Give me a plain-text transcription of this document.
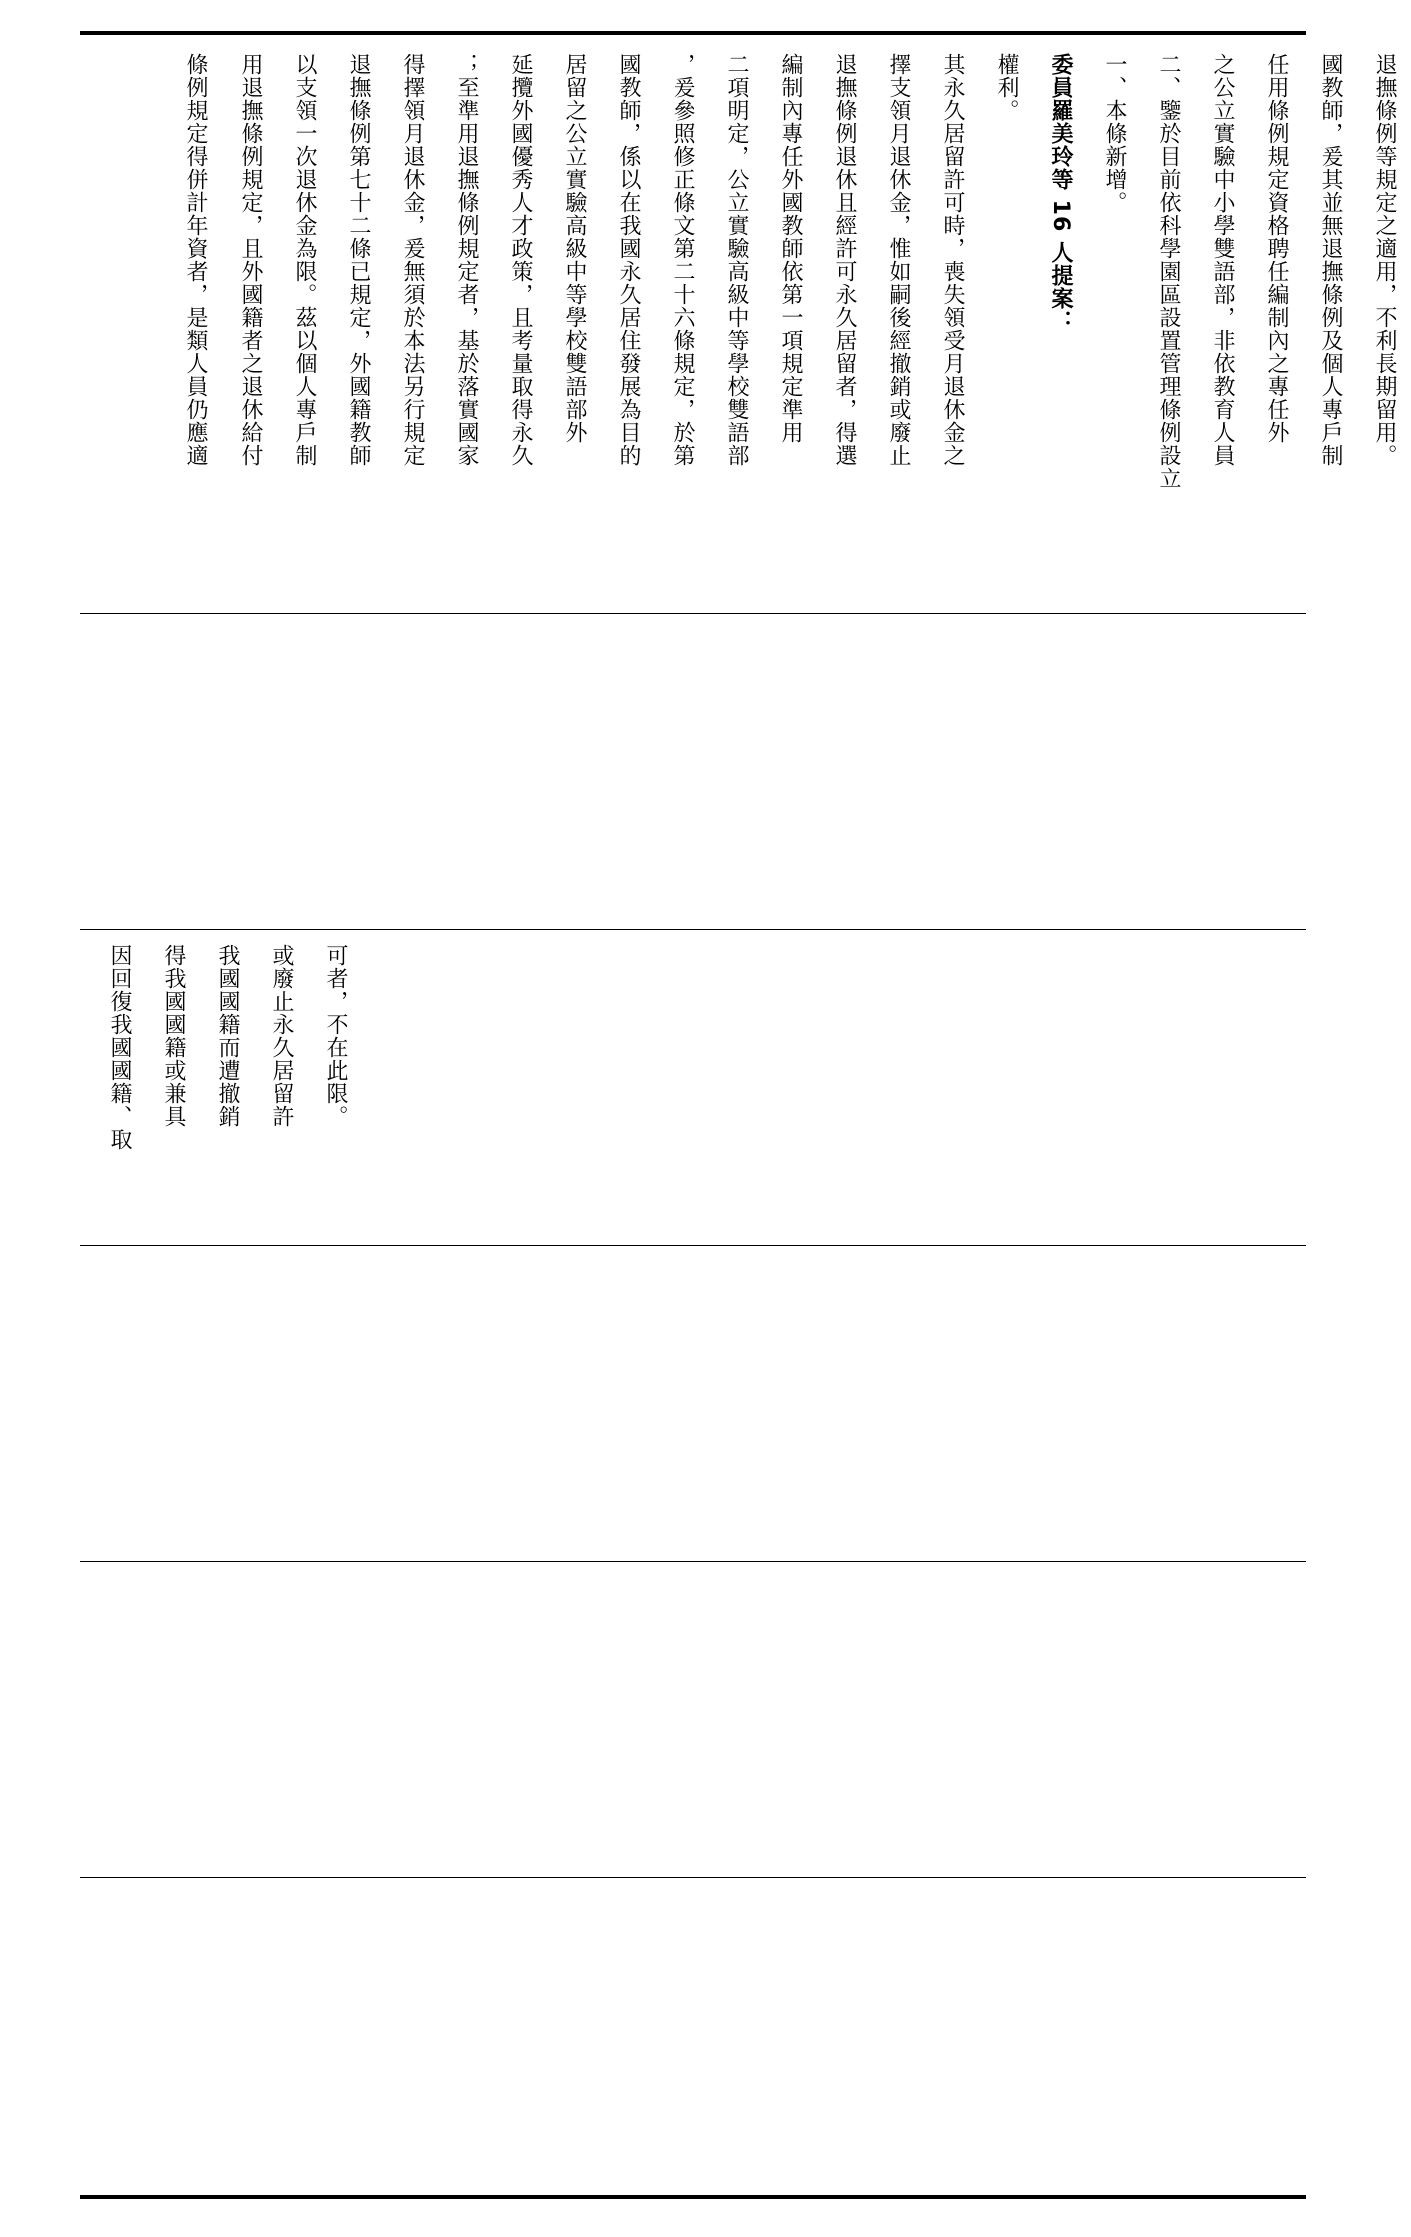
條例規定得併計年資者，是類人員仍應適	用退撫條例規定，且外國籍者之退休給付	以支領一次退休金為限。茲以個人專戶制	退撫條例第七十二條已規定，外國籍教師	得擇領月退休金，爰無須於本法另行規定	；至準用退撫條例規定者，基於落實國家	延攬外國優秀人才政策，且考量取得永久	居留之公立實驗高級中等學校雙語部外	國教師，係以在我國永久居住發展為目的	，爰參照修正條文第二十六條規定，於第	二項明定，公立實驗高級中等學校雙語部	編制內專任外國教師依第一項規定準用	退撫條例退休且經許可永久居留者，得選	擇支領月退休金，惟如嗣後經撤銷或廢止	其永久居留許可時，喪失領受月退休金之	權利。	委員羅美玲等 16 人提案：	一、本條新增。	二、鑒於目前依科學園區設置管理條例設立	之公立實驗中小學雙語部，非依教育人員	任用條例規定資格聘任編制內之專任外	國教師，爰其並無退撫條例及個人專戶制	退撫條例等規定之適用，不利長期留用。
因回復我國國籍、取	得我國國籍或兼具	我國國籍而遭撤銷	或廢止永久居留許	可者，不在此限。
